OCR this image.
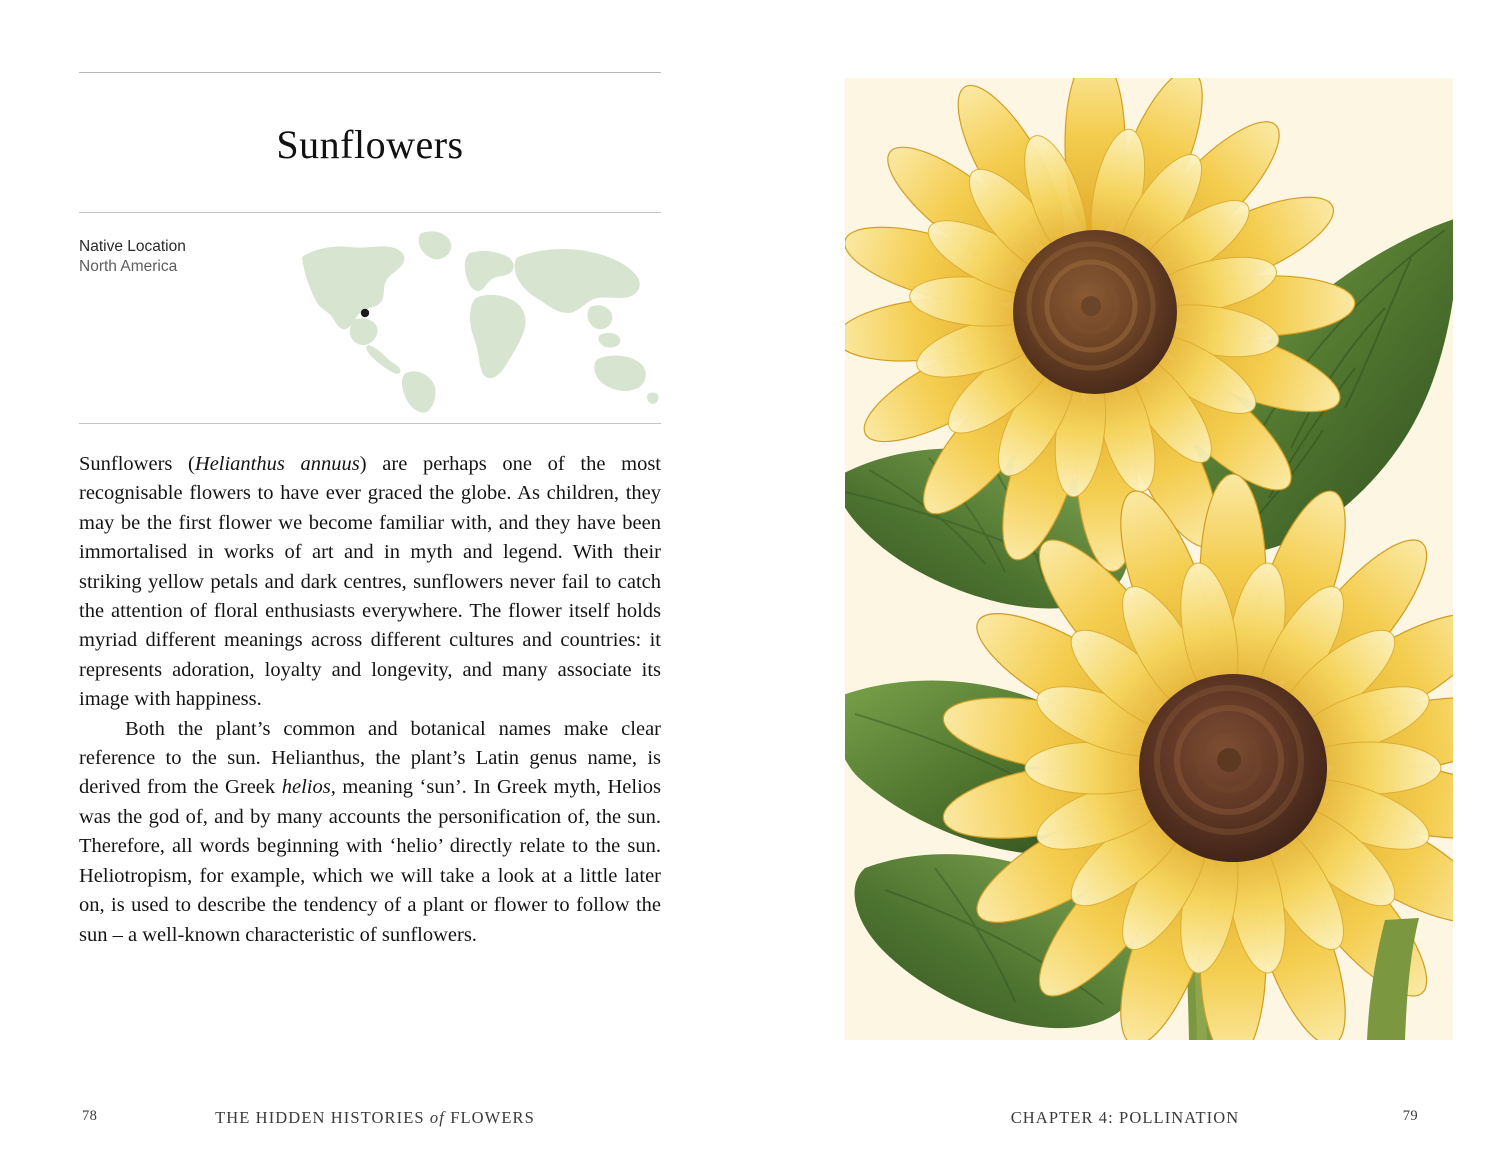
Sunflowers
Native Location
North America

Sunflowers (Helianthus annuus) are perhaps one of the most recognisable flowers to have ever graced the globe. As children, they may be the first flower we become familiar with, and they have been immortalised in works of art and in myth and legend. With their striking yellow petals and dark centres, sunflowers never fail to catch the attention of floral enthusiasts everywhere. The flower itself holds myriad different meanings across different cultures and countries: it represents adoration, loyalty and longevity, and many associate its image with happiness.

Both the plant’s common and botanical names make clear reference to the sun. Helianthus, the plant’s Latin genus name, is derived from the Greek helios, meaning ‘sun’. In Greek myth, Helios was the god of, and by many accounts the personification of, the sun. Therefore, all words beginning with ‘helio’ directly relate to the sun. Heliotropism, for example, which we will take a look at a little later on, is used to describe the tendency of a plant or flower to follow the sun – a well-known characteristic of sunflowers.

78	THE HIDDEN HISTORIES of FLOWERS	CHAPTER 4: POLLINATION	79
